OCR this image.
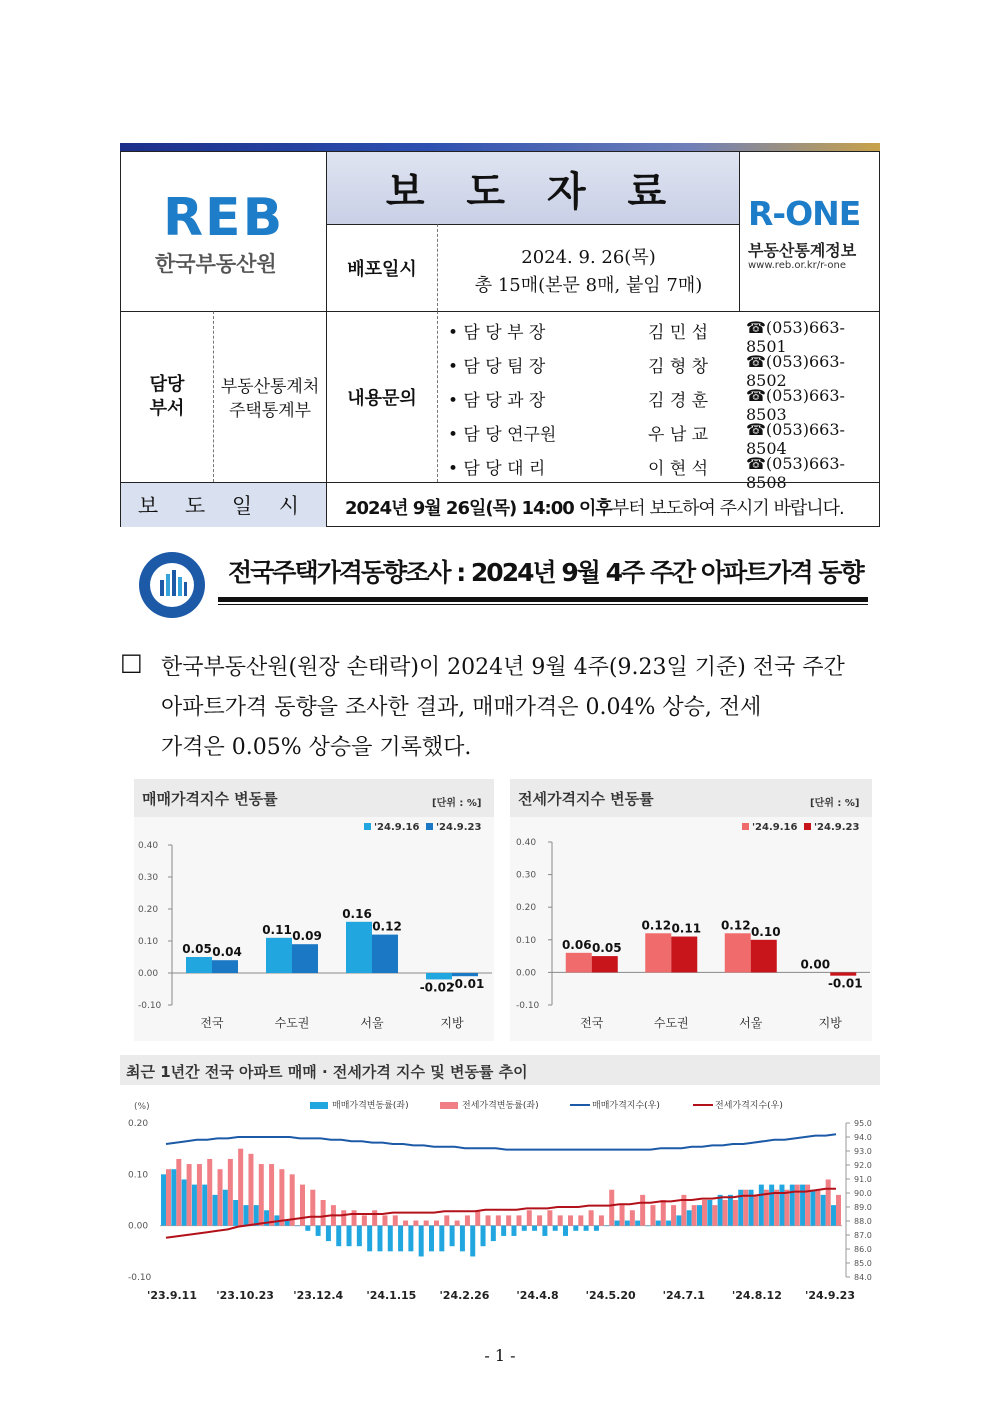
REB
한국부동산원
보 도 자 료 R-ONE
부동산통계정보
www.reb.or.kr/r-one
배포일시
2024. 9. 26(목)
총 15매(본문 8매, 붙임 7매)
담당
부서
부동산통계처
주택통계부
내용문의
• 담 당 부 장	김 민 섭 ☎(053)663-8501
• 담 당 팀 장	김 형 창 ☎(053)663-8502
• 담 당 과 장	김 경 훈 ☎(053)663-8503
• 담 당 연구원	우 남 교 ☎(053)663-8504
• 담 당 대 리	이 현 석 ☎(053)663-8508
보 도 일 시	2024년 9월 26일(목) 14:00 이후부터 보도하여 주시기 바랍니다.
전국주택가격동향조사 : 2024년 9월 4주 주간 아파트가격 동향
□ 한국부동산원(원장 손태락)이 2024년 9월 4주(9.23일 기준) 전국 주간
아파트가격 동향을 조사한 결과, 매매가격은 0.04% 상승, 전세
가격은 0.05% 상승을 기록했다.
매매가격지수 변동률	[단위 : %]
'24.9.16 '24.9.23
0.40
0.30
0.20
0.10
0.00
-0.10
전국
0.05 0.04
수도권
0.11 0.09
서울
0.16
0.12
지방
-0.02
-0.01
전세가격지수 변동률	[단위 : %]
'24.9.16 '24.9.23
0.40
0.30
0.20
0.10
0.00
-0.10
전국
0.06 0.05
수도권
0.12 0.11
서울
0.12 0.10
지방
0.00
-0.01
최근 1년간 전국 아파트 매매 · 전세가격 지수 및 변동률 추이
매매가격변동률(좌)	전세가격변동률(좌)	매매가격지수(우)	전세가격지수(우)
(%)
0.20
0.10
0.00
-0.10
95.0
94.0
93.0
92.0
91.0
90.0
89.0
88.0
87.0
86.0
85.0
84.0
'23.9.11 '23.10.23 '23.12.4 '24.1.15 '24.2.26 '24.4.8 '24.5.20 '24.7.1 '24.8.12 '24.9.23
- 1 -
